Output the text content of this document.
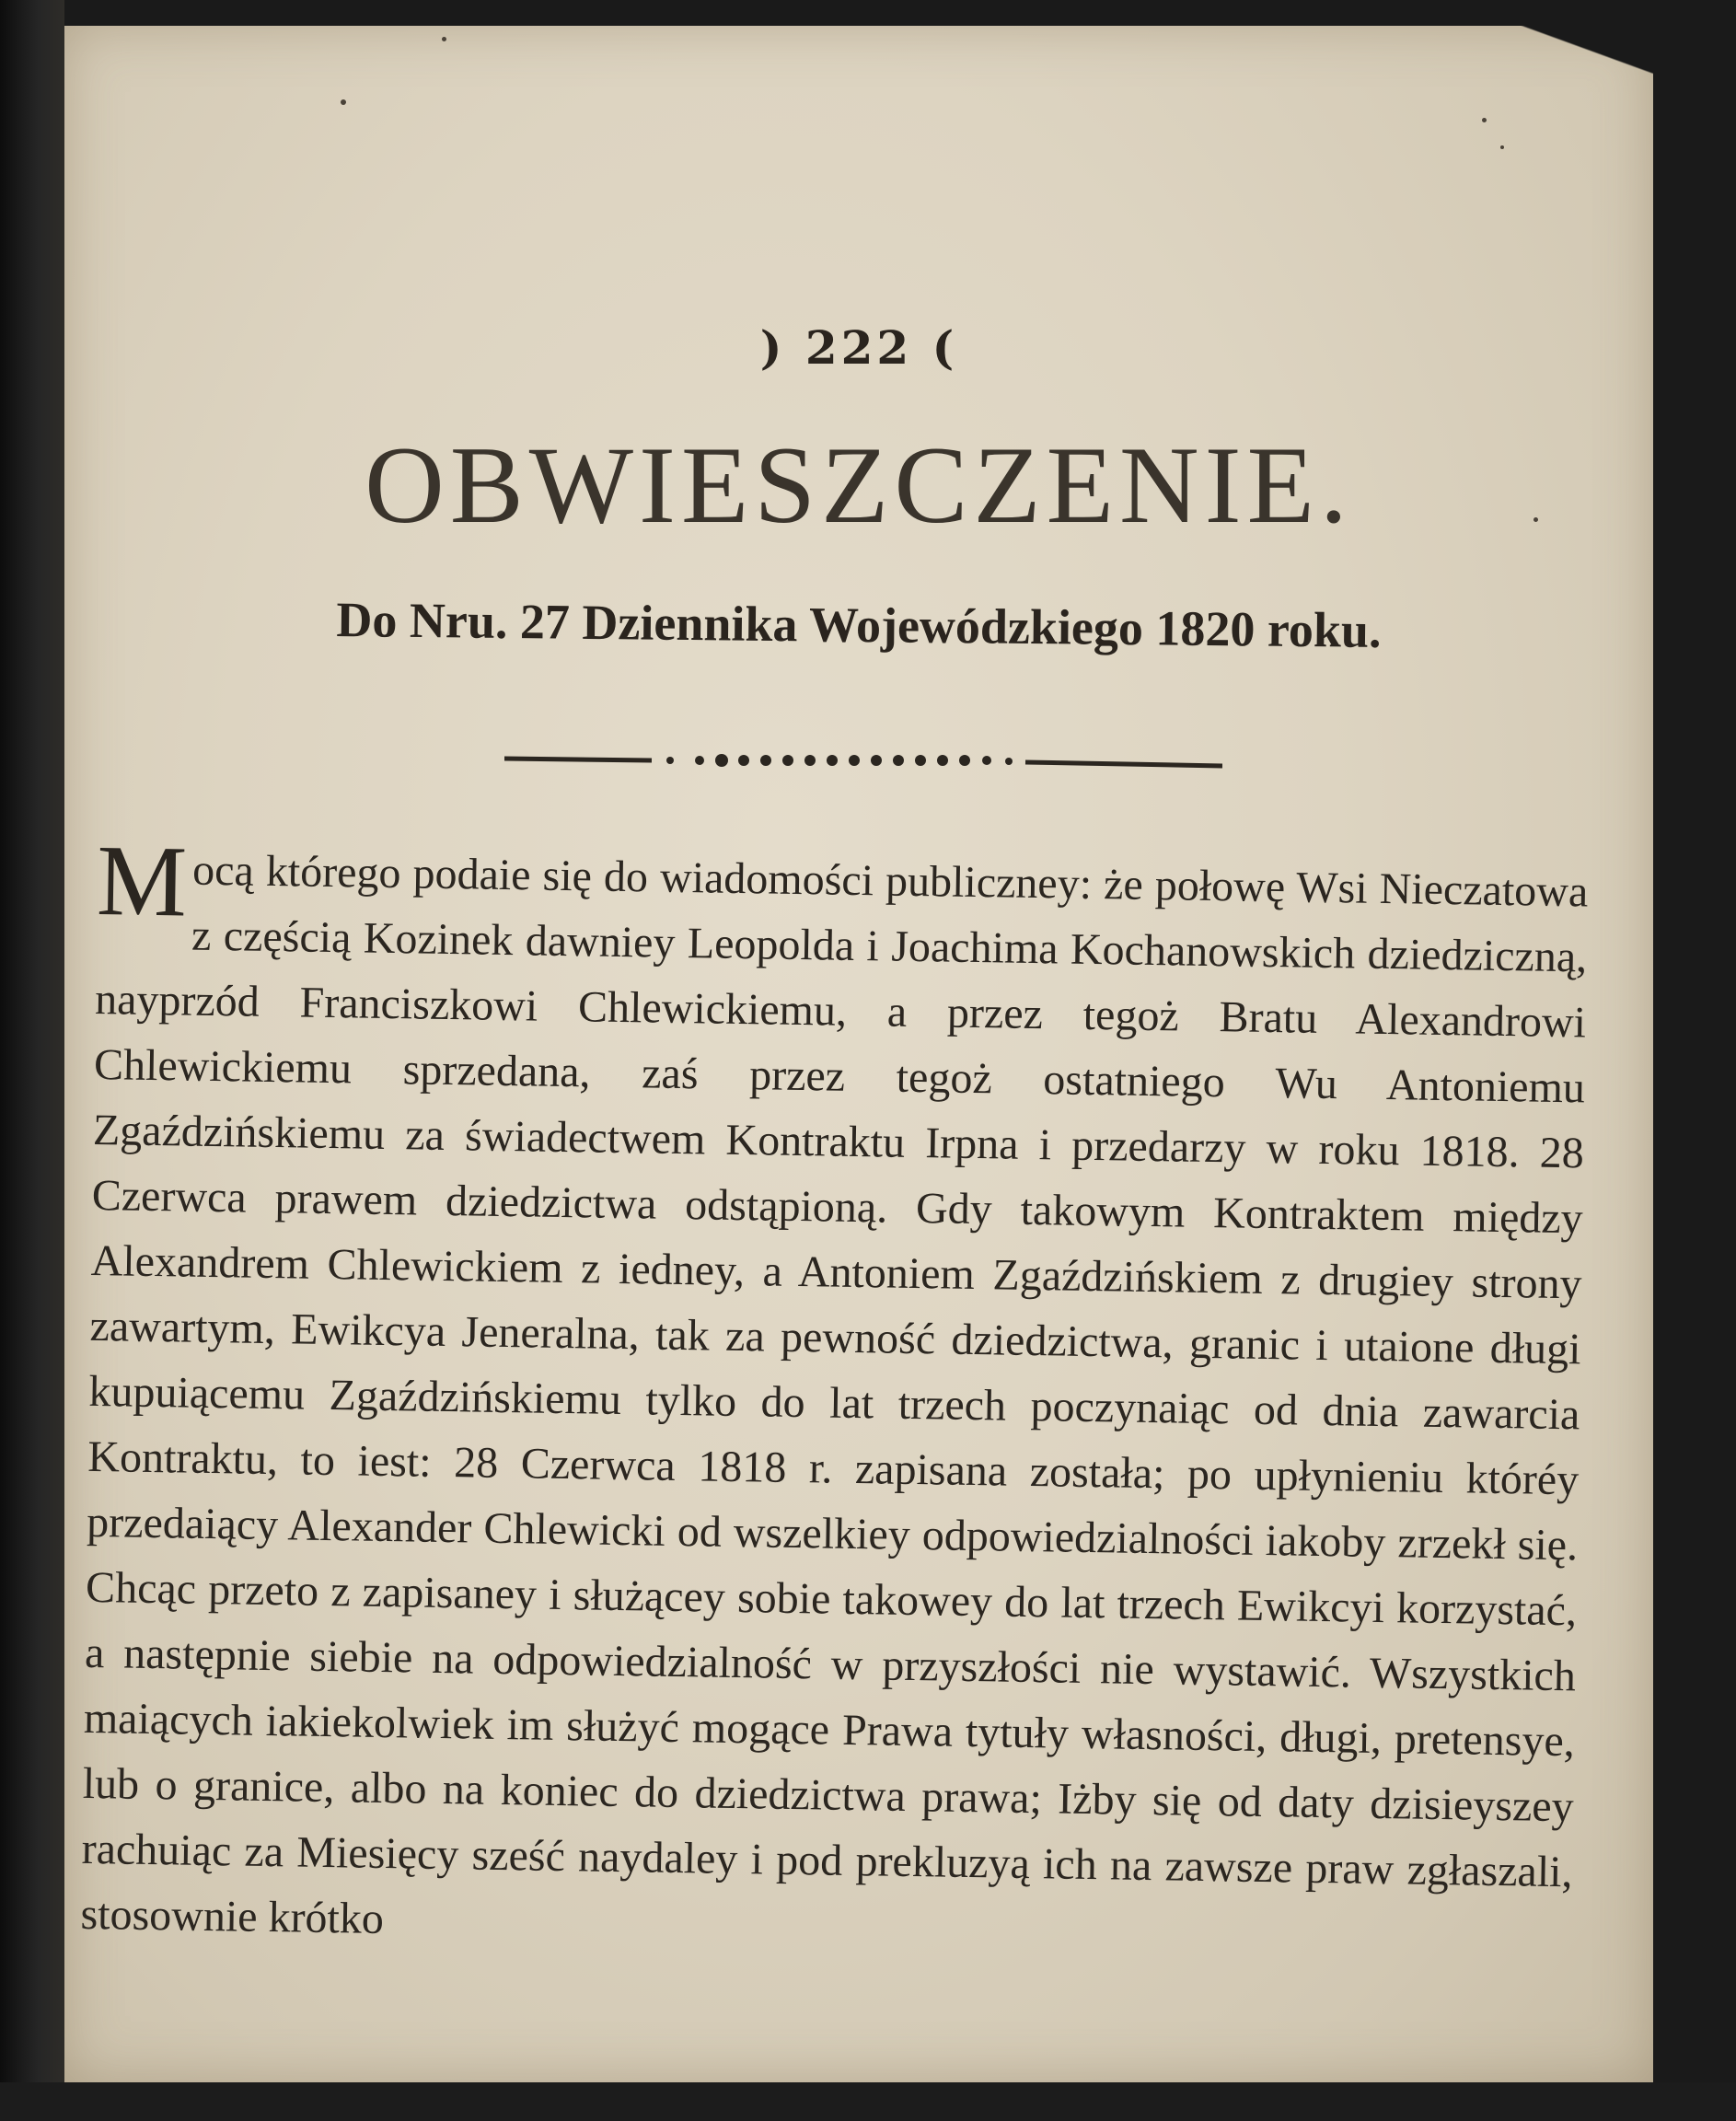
) 222 (
OBWIESZCZENIE.
Do Nru. 27 Dziennika Wojewódzkiego 1820 roku.
M ocą którego podaie się do wiadomości publiczney: że połowę Wsi Nieczatowa z częścią Kozinek dawniey Leopolda i Joachima Kochanowskich dziedziczną, nayprzód Franciszkowi Chlewickiemu, a przez tegoż Bratu Alexandrowi Chlewickiemu sprzedana, zaś przez tegoż ostatniego Wu Antoniemu Zgaździńskiemu za świadectwem Kontraktu Irpna i przedarzy w roku 1818. 28 Czerwca prawem dziedzictwa odstąpioną. Gdy takowym Kontraktem między Alexandrem Chlewickiem z iedney, a Antoniem Zgaździńskiem z drugiey strony zawartym, Ewikcya Jeneralna, tak za pewność dziedzictwa, granic i utaione długi kupuiącemu Zgaździńskiemu tylko do lat trzech poczynaiąc od dnia zawarcia Kontraktu, to iest: 28 Czerwca 1818 r. zapisana została; po upłynieniu któréy przedaiący Alexander Chlewicki od wszelkiey odpowiedzialności iakoby zrzekł się. Chcąc przeto z zapisaney i służącey sobie takowey do lat trzech Ewikcyi korzystać, a następnie siebie na odpowiedzialność w przyszłości nie wystawić. Wszystkich maiących iakiekolwiek im służyć mogące Prawa tytuły własności, długi, pretensye, lub o granice, albo na koniec do dziedzictwa prawa; Iżby się od daty dzisieyszey rachuiąc za Miesięcy sześć naydaley i pod prekluzyą ich na zawsze praw zgłaszali, stosownie krótko
